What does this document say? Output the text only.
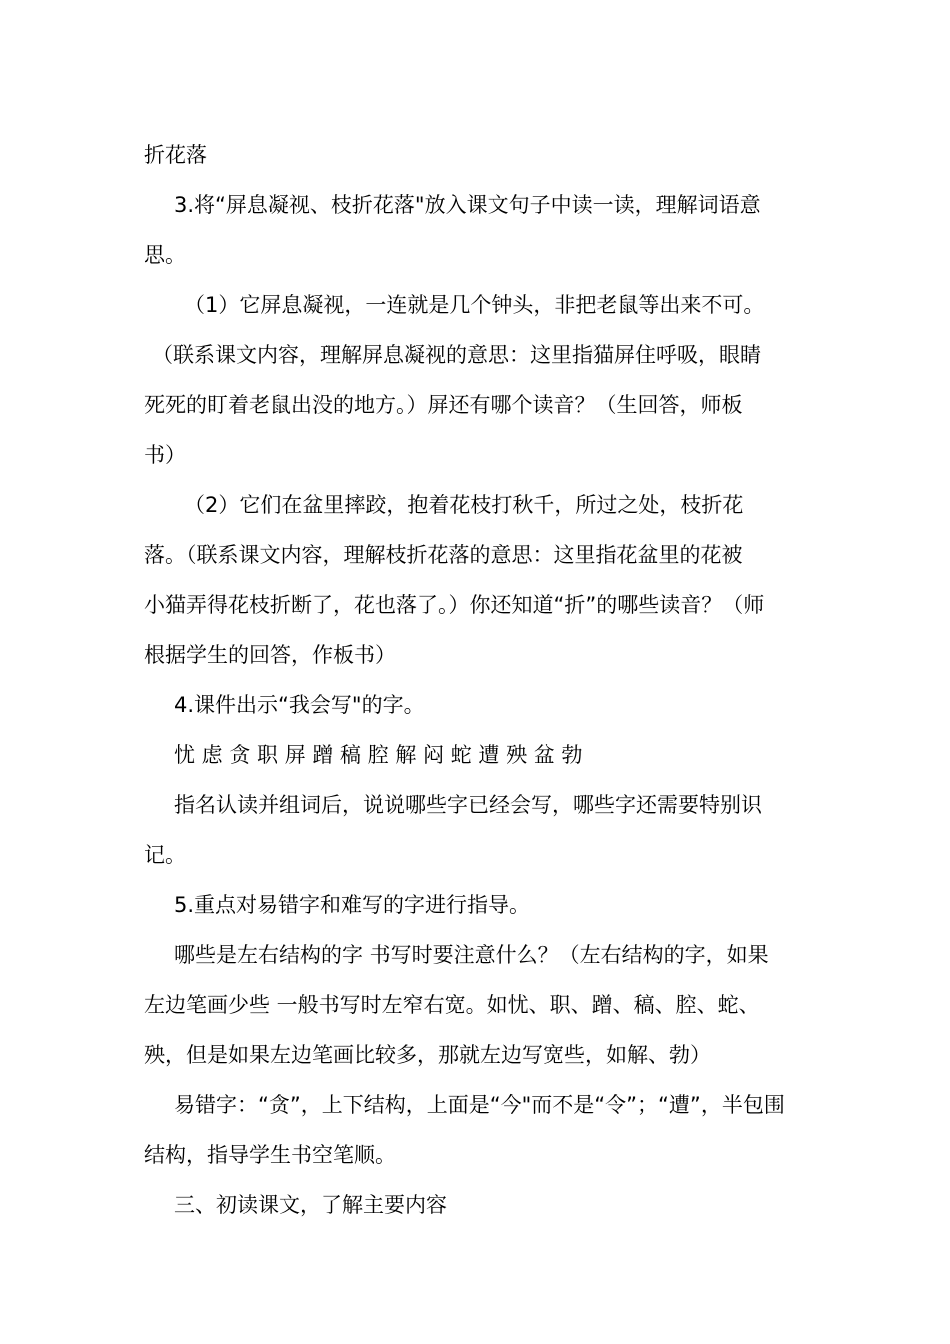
折花落
3.将“屏息凝视、枝折花落"放入课文句子中读一读，理解词语意
思。
（1）它屏息凝视，一连就是几个钟头，非把老鼠等出来不可。
（联系课文内容，理解屏息凝视的意思：这里指猫屏住呼吸，眼睛
死死的盯着老鼠出没的地方。）屏还有哪个读音？（生回答，师板
书）
（2）它们在盆里摔跤，抱着花枝打秋千，所过之处，枝折花
落。（联系课文内容，理解枝折花落的意思：这里指花盆里的花被
小猫弄得花枝折断了，花也落了。）你还知道“折”的哪些读音？（师
根据学生的回答，作板书）
4.课件出示“我会写"的字。
忧 虑 贪 职 屏 蹭 稿 腔 解 闷 蛇 遭 殃 盆 勃
指名认读并组词后，说说哪些字已经会写，哪些字还需要特别识
记。
5.重点对易错字和难写的字进行指导。
哪些是左右结构的字 书写时要注意什么？（左右结构的字，如果
左边笔画少些 一般书写时左窄右宽。如忧、职、蹭、稿、腔、蛇、
殃，但是如果左边笔画比较多，那就左边写宽些，如解、勃）
易错字：“贪”，上下结构，上面是“今"而不是“令”；“遭”，半包围
结构，指导学生书空笔顺。
三、初读课文，了解主要内容
